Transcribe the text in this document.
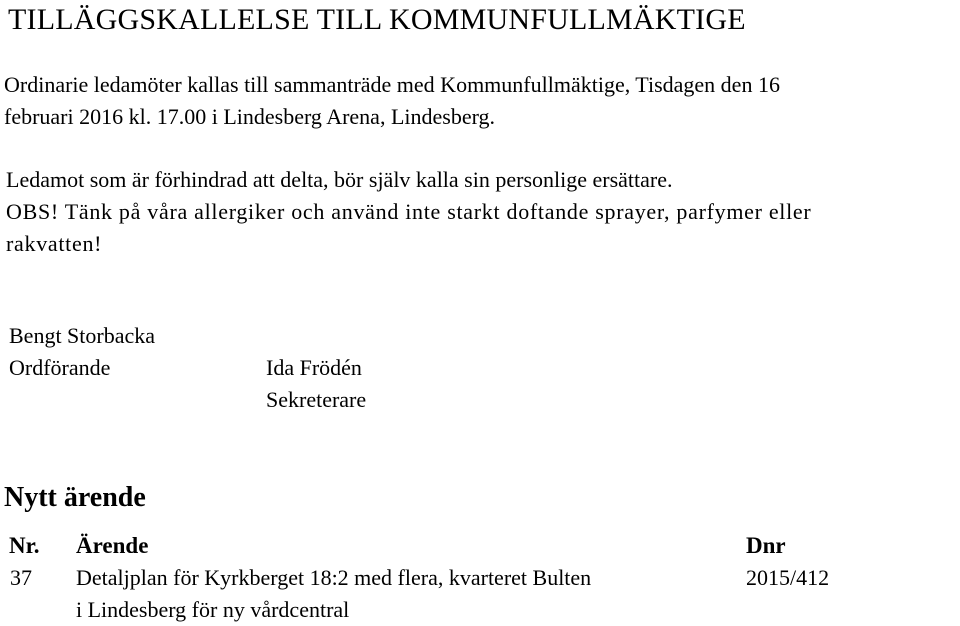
TILLÄGGSKALLELSE TILL KOMMUNFULLMÄKTIGE
Ordinarie ledamöter kallas till sammanträde med Kommunfullmäktige, Tisdagen den 16
februari 2016 kl. 17.00 i Lindesberg Arena, Lindesberg.
Ledamot som är förhindrad att delta, bör själv kalla sin personlige ersättare.
OBS! Tänk på våra allergiker och använd inte starkt doftande sprayer, parfymer eller
rakvatten!
Bengt Storbacka
Ordförande	Ida Frödén
Sekreterare
Nytt ärende
Nr. Ärende	Dnr
37 Detaljplan för Kyrkberget 18:2 med flera, kvarteret Bulten
i Lindesberg för ny vårdcentral
2015/412
